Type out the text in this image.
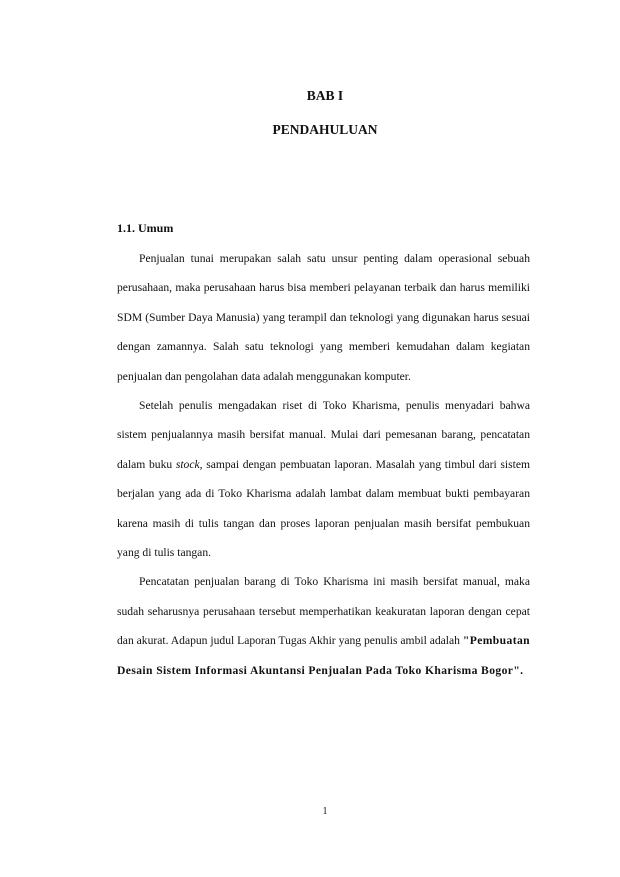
BAB I
PENDAHULUAN
1.1. Umum

Penjualan tunai merupakan salah satu unsur penting dalam operasional sebuah perusahaan, maka perusahaan harus bisa memberi pelayanan terbaik dan harus memiliki SDM (Sumber Daya Manusia) yang terampil dan teknologi yang digunakan harus sesuai dengan zamannya. Salah satu teknologi yang memberi kemudahan dalam kegiatan penjualan dan pengolahan data adalah menggunakan komputer.

Setelah penulis mengadakan riset di Toko Kharisma, penulis menyadari bahwa sistem penjualannya masih bersifat manual. Mulai dari pemesanan barang, pencatatan dalam buku stock, sampai dengan pembuatan laporan. Masalah yang timbul dari sistem berjalan yang ada di Toko Kharisma adalah lambat dalam membuat bukti pembayaran karena masih di tulis tangan dan proses laporan penjualan masih bersifat pembukuan yang di tulis tangan.

Pencatatan penjualan barang di Toko Kharisma ini masih bersifat manual, maka sudah seharusnya perusahaan tersebut memperhatikan keakuratan laporan dengan cepat dan akurat. Adapun judul Laporan Tugas Akhir yang penulis ambil adalah "Pembuatan Desain Sistem Informasi Akuntansi Penjualan Pada Toko Kharisma Bogor".

1
